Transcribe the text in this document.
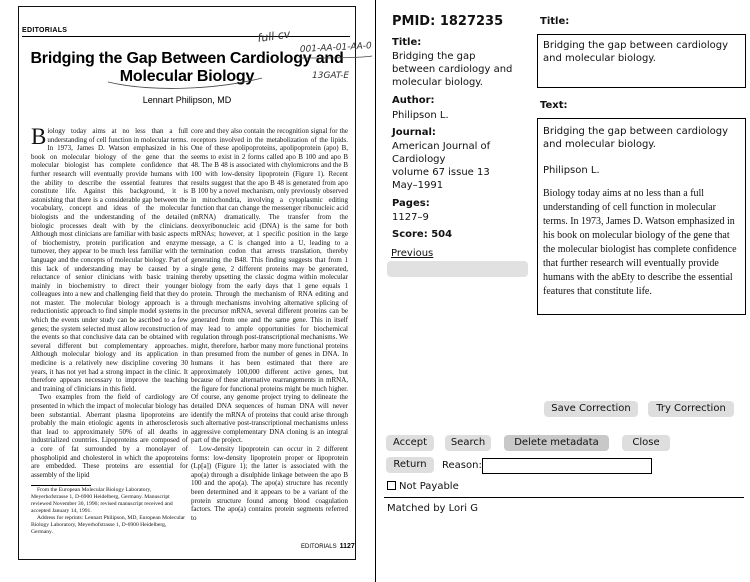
EDITORIALS
Bridging the Gap Between Cardiology and
Molecular Biology
Lennart Philipson, MD
Biology today aims at no less than a full understanding of cell function in molecular terms. In 1973, James D. Watson emphasized in his book on molecular biology of the gene that the molecular biologist has complete confidence that further research will eventually provide humans with the ability to describe the essential features that constitute life. Against this background, it is astonishing that there is a considerable gap between the vocabulary, concept and ideas of the molecular biologists and the understanding of the detailed biologic processes dealt with by the clinicians. Although most clinicians are familiar with basic aspects of biochemistry, protein purification and enzyme turnover, they appear to be much less familiar with the language and the concepts of molecular biology. Part of this lack of understanding may be caused by a reluctance of senior clinicians with basic training mainly in biochemistry to direct their younger colleagues into a new and challenging field that they do not master. The molecular biology approach is a reductionistic approach to find simple model systems in which the events under study can be ascribed to a few genes; the system selected must allow reconstruction of the events so that conclusive data can be obtained with several different but complementary approaches. Although molecular biology and its application in medicine is a relatively new discipline covering 30 years, it has not yet had a strong impact in the clinic. It therefore appears necessary to improve the teaching and training of clinicians in this field.
Two examples from the field of cardiology are presented in which the impact of molecular biology has been substantial. Aberrant plasma lipoproteins are probably the main etiologic agents in atherosclerosis that lead to approximately 50% of all deaths in industrialized countries. Lipoproteins are composed of a core of fat surrounded by a monolayer of phospholipid and cholesterol in which the apoproteins are embedded. These proteins are essential for assembly of the lipid
core and they also contain the recognition signal for the receptors involved in the metabolization of the lipids. One of these apolipoproteins, apolipoprotein (apo) B, seems to exist in 2 forms called apo B 100 and apo B 48. The B 48 is associated with chylomicrons and the B 100 with low-density lipoprotein (Figure 1). Recent results suggest that the apo B 48 is generated from apo B 100 by a novel mechanism, only previously observed in mitochondria, involving a cytoplasmic editing function that can change the messenger ribonucleic acid (mRNA) dramatically. The transfer from the deoxyribonucleic acid (DNA) is the same for both mRNAs; however, at 1 specific position in the large message, a C is changed into a U, leading to a termination codon that arrests translation, thereby generating the B48. This finding suggests that from 1 single gene, 2 different proteins may be generated, thereby upsetting the classic dogma within molecular biology from the early days that 1 gene equals 1 protein. Through the mechanism of RNA editing and through mechanisms involving alternative splicing of the precursor mRNA, several different proteins can be generated from one and the same gene. This in itself may lead to ample opportunities for biochemical regulation through post-transcriptional mechanisms. We might, therefore, harbor many more functional proteins than presumed from the number of genes in DNA. In humans it has been estimated that there are approximately 100,000 different active genes, but because of these alternative rearrangements in mRNA, the figure for functional proteins might be much higher. Of course, any genome project trying to delineate the detailed DNA sequences of human DNA will never identify the mRNA of proteins that could arise through such alternative post-transcriptional mechanisms unless aggressive complementary DNA cloning is an integral part of the project.
Low-density lipoprotein can occur in 2 different forms: low-density lipoprotein proper or lipoprotein (Lp[a]) (Figure 1); the latter is associated with the apo(a) through a disulphide linkage between the apo B 100 and the apo(a). The apo(a) structure has recently been determined and it appears to be a variant of the protein structure found among blood coagulation factors. The apo(a) contains protein segments referred to
From the European Molecular Biology Laboratory, Meyerhofstrasse 1, D-6900 Heidelberg, Germany. Manuscript reviewed November 30, 1990; revised manuscript received and accepted January 14, 1991.
Address for reprints: Lennart Philipson, MD, European Molecular Biology Laboratory, Meyerhofstrasse 1, D-6900 Heidelberg, Germany.
EDITORIALS 1127
full cv
001-AA-01-AA-0
13GAT-E
PMID: 1827235
Title:
Bridging the gap between cardiology and molecular biology.
Author:
Philipson L.
Journal:
American Journal of
Cardiology
volume 67 issue 13
May–1991
Pages:
1127–9
Score: 504
Previous
Title:
Bridging the gap between cardiology and molecular biology.
Text:
Bridging the gap between cardiology and molecular biology.
Philipson L.
Biology today aims at no less than a full understanding of cell function in molecular terms. In 1973, James D. Watson emphasized in his book on molecular biology of the gene that the molecular biologist has complete confidence that further research will eventually provide humans with the abEty to describe the essential features that constitute life.
Save Correction	Try Correction
Accept	Search	Delete metadata	Close
Return	Reason:
Not Payable
Matched by Lori G
